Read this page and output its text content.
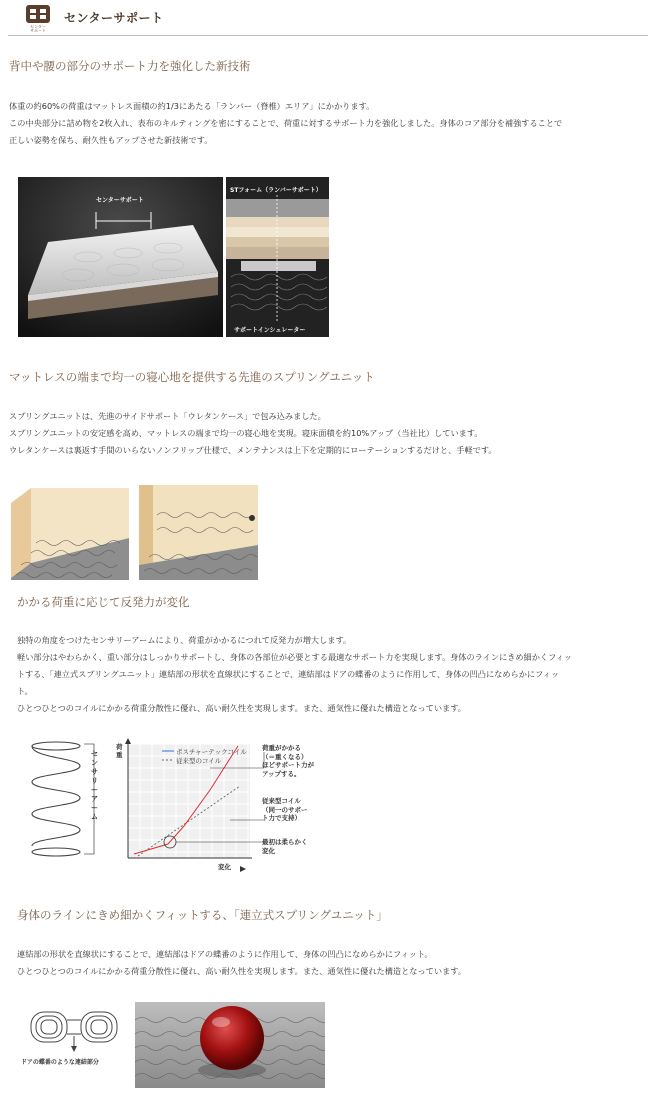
センター
サポート
センターサポート
背中や腰の部分のサポート力を強化した新技術
体重の約60%の荷重はマットレス面積の約1/3にあたる「ランバー（脊椎）エリア」にかかります。
この中央部分に詰め物を2枚入れ、表布のキルティングを密にすることで、荷重に対するサポート力を強化しました。身体のコア部分を補強することで
正しい姿勢を保ち、耐久性もアップさせた新技術です。
センターサポート
STフォーム（ランバーサポート）
サポートインシュレーター
マットレスの端まで均一の寝心地を提供する先進のスプリングユニット
スプリングユニットは、先進のサイドサポート「ウレタンケース」で包み込みました。
スプリングユニットの安定感を高め、マットレスの端まで均一の寝心地を実現。寝床面積を約10%アップ（当社比）しています。
ウレタンケースは裏返す手間のいらないノンフリップ仕様で、メンテナンスは上下を定期的にローテーションするだけと、手軽です。
かかる荷重に応じて反発力が変化
独特の角度をつけたセンサリーアームにより、荷重がかかるにつれて反発力が増大します。
軽い部分はやわらかく、重い部分はしっかりサポートし、身体の各部位が必要とする最適なサポート力を実現します。身体のラインにきめ細かくフィッ
トする、「連立式スプリングユニット」連結部の形状を直線状にすることで、連結部はドアの蝶番のように作用して、身体の凹凸になめらかにフィッ
ト。
ひとつひとつのコイルにかかる荷重分散性に優れ、高い耐久性を実現します。また、通気性に優れた構造となっています。
センサリーアーム
荷重
変化
ポスチャーテックコイル
従来型のコイル
荷重がかかる
（＝重くなる）
ほどサポート力が
アップする。
従来型コイル
（同一のサポー
ト力で支持）
最初は柔らかく
変化
身体のラインにきめ細かくフィットする、「連立式スプリングユニット」
連結部の形状を直線状にすることで、連結部はドアの蝶番のように作用して、身体の凹凸になめらかにフィット。
ひとつひとつのコイルにかかる荷重分散性に優れ、高い耐久性を実現します。また、通気性に優れた構造となっています。
ドアの蝶番のような連結部分
